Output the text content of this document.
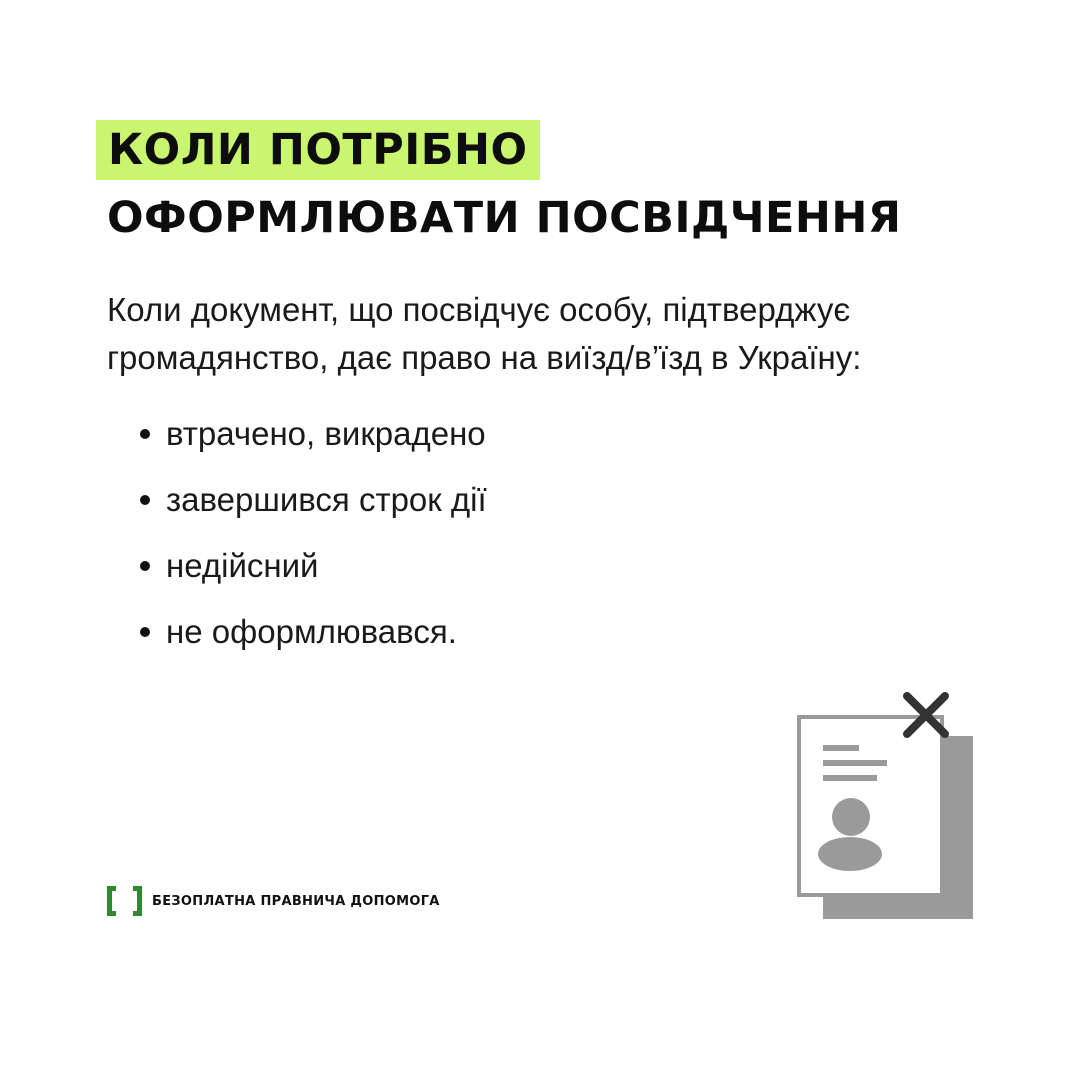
КОЛИ ПОТРІБНО
ОФОРМЛЮВАТИ ПОСВІДЧЕННЯ
Коли документ, що посвідчує особу, підтверджує
громадянство, дає право на виїзд/в’їзд в Україну:
втрачено, викрадено
завершився строк дії
недійсний
не оформлювався.
БЕЗОПЛАТНА ПРАВНИЧА ДОПОМОГА
